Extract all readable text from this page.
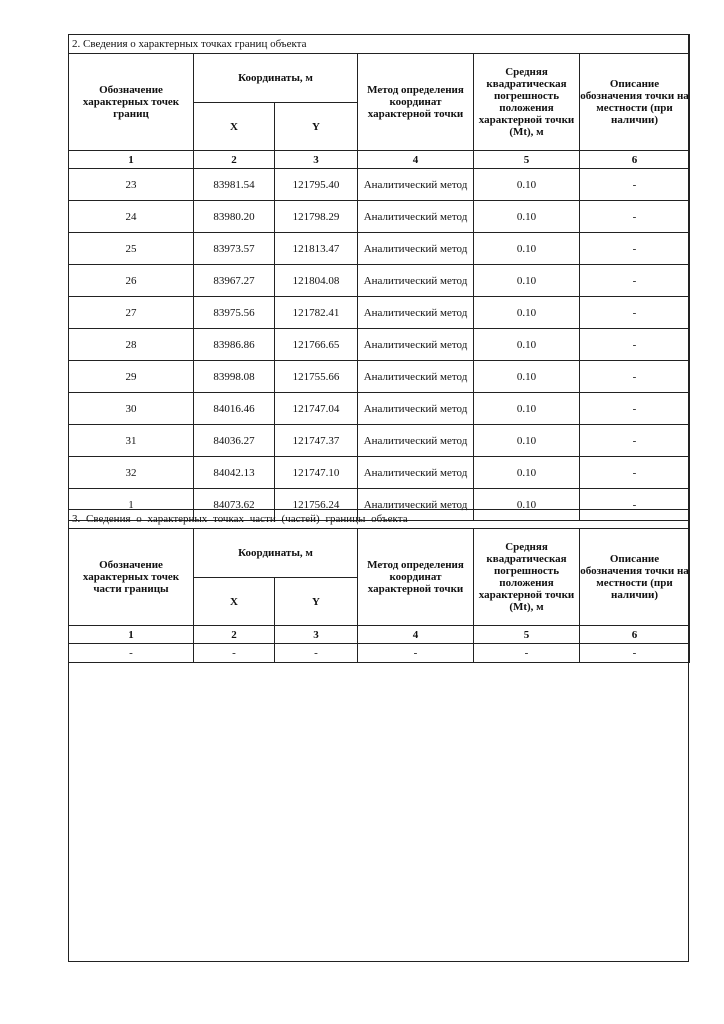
2. Сведения о характерных точках границ объекта					
Обозначение характерных точек границ	Координаты, м		Метод определения координат характерной точки	Средняя квадратическая погрешность положения характерной точки (Mt), м	Описание обозначения точки на местности (при наличии)
	X	Y			
1	2	3	4	5	6
23	83981.54	121795.40	Аналитический метод	0.10	-
24	83980.20	121798.29	Аналитический метод	0.10	-
25	83973.57	121813.47	Аналитический метод	0.10	-
26	83967.27	121804.08	Аналитический метод	0.10	-
27	83975.56	121782.41	Аналитический метод	0.10	-
28	83986.86	121766.65	Аналитический метод	0.10	-
29	83998.08	121755.66	Аналитический метод	0.10	-
30	84016.46	121747.04	Аналитический метод	0.10	-
31	84036.27	121747.37	Аналитический метод	0.10	-
32	84042.13	121747.10	Аналитический метод	0.10	-
1	84073.62	121756.24	Аналитический метод	0.10	-
3. Сведения о характерных точках части (частей) границы объекта					
Обозначение характерных точек части границы	Координаты, м		Метод определения координат характерной точки	Средняя квадратическая погрешность положения характерной точки (Mt), м	Описание обозначения точки на местности (при наличии)
	X	Y			
1	2	3	4	5	6
-	-	-	-	-	-
